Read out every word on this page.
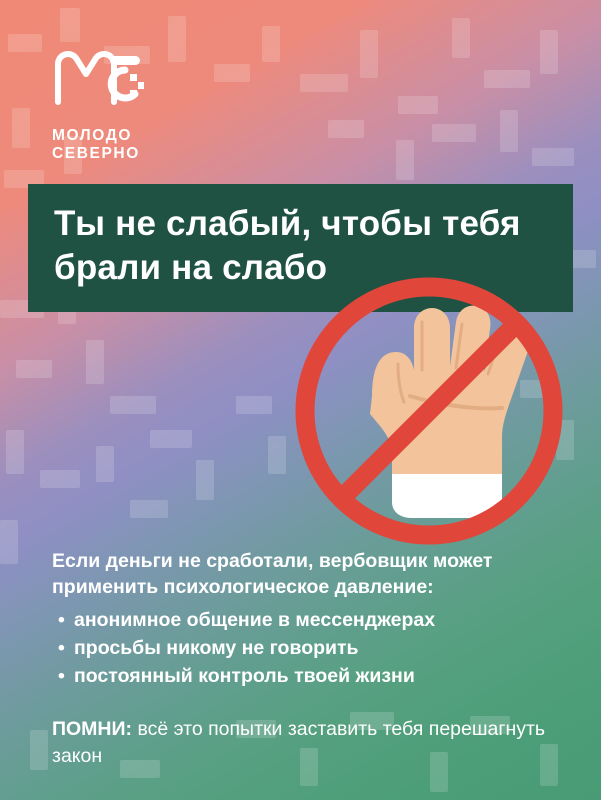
МОЛОДО
СЕВЕРНО
Ты не слабый, чтобы тебя брали на слабо

Если деньги не сработали, вербовщик может применить психологическое давление:

• анонимное общение в мессенджерах
• просьбы никому не говорить
• постоянный контроль твоей жизни

ПОМНИ: всё это попытки заставить тебя перешагнуть закон
